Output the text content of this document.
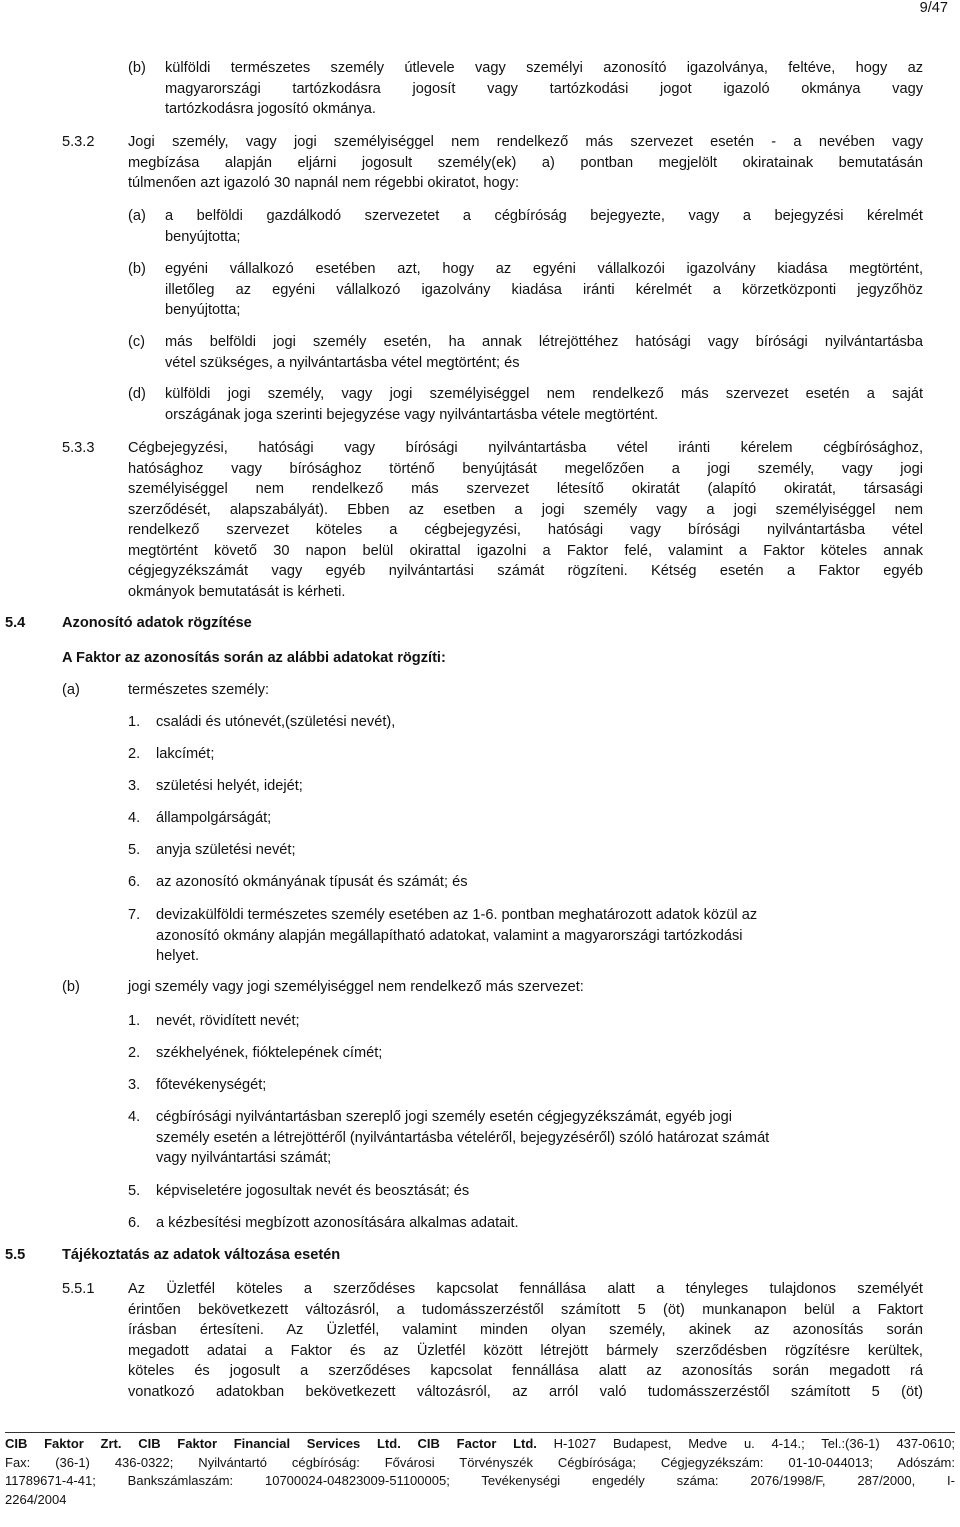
9/47
(b) külföldi természetes személy útlevele vagy személyi azonosító igazolványa, feltéve, hogy az
magyarországi tartózkodásra jogosít vagy tartózkodási jogot igazoló okmánya vagy
tartózkodásra jogosító okmánya.
5.3.2 Jogi személy, vagy jogi személyiséggel nem rendelkező más szervezet esetén - a nevében vagy
megbízása alapján eljárni jogosult személy(ek) a) pontban megjelölt okiratainak bemutatásán
túlmenően azt igazoló 30 napnál nem régebbi okiratot, hogy:
(a) a belföldi gazdálkodó szervezetet a cégbíróság bejegyezte, vagy a bejegyzési kérelmét
benyújtotta;
(b) egyéni vállalkozó esetében azt, hogy az egyéni vállalkozói igazolvány kiadása megtörtént,
illetőleg az egyéni vállalkozó igazolvány kiadása iránti kérelmét a körzetközponti jegyzőhöz
benyújtotta;
(c) más belföldi jogi személy esetén, ha annak létrejöttéhez hatósági vagy bírósági nyilvántartásba
vétel szükséges, a nyilvántartásba vétel megtörtént; és
(d) külföldi jogi személy, vagy jogi személyiséggel nem rendelkező más szervezet esetén a saját
országának joga szerinti bejegyzése vagy nyilvántartásba vétele megtörtént.
5.3.3 Cégbejegyzési, hatósági vagy bírósági nyilvántartásba vétel iránti kérelem cégbírósághoz,
hatósághoz vagy bírósághoz történő benyújtását megelőzően a jogi személy, vagy jogi
személyiséggel nem rendelkező más szervezet létesítő okiratát (alapító okiratát, társasági
szerződését, alapszabályát). Ebben az esetben a jogi személy vagy a jogi személyiséggel nem
rendelkező szervezet köteles a cégbejegyzési, hatósági vagy bírósági nyilvántartásba vétel
megtörtént követő 30 napon belül okirattal igazolni a Faktor felé, valamint a Faktor köteles annak
cégjegyzékszámát vagy egyéb nyilvántartási számát rögzíteni. Kétség esetén a Faktor egyéb
okmányok bemutatását is kérheti.
5.4	Azonosító adatok rögzítése
A Faktor az azonosítás során az alábbi adatokat rögzíti:
(a)	természetes személy:
1. családi és utónevét,(születési nevét),
2. lakcímét;
3. születési helyét, idejét;
4. állampolgárságát;
5. anyja születési nevét;
6. az azonosító okmányának típusát és számát; és
7. devizakülföldi természetes személy esetében az 1-6. pontban meghatározott adatok közül az
azonosító okmány alapján megállapítható adatokat, valamint a magyarországi tartózkodási
helyet.
(b)	jogi személy vagy jogi személyiséggel nem rendelkező más szervezet:
1. nevét, rövidített nevét;
2. székhelyének, fióktelepének címét;
3. főtevékenységét;
4. cégbírósági nyilvántartásban szereplő jogi személy esetén cégjegyzékszámát, egyéb jogi
személy esetén a létrejöttéről (nyilvántartásba vételéről, bejegyzéséről) szóló határozat számát
vagy nyilvántartási számát;
5. képviseletére jogosultak nevét és beosztását; és
6. a kézbesítési megbízott azonosítására alkalmas adatait.
5.5	Tájékoztatás az adatok változása esetén
5.5.1 Az Üzletfél köteles a szerződéses kapcsolat fennállása alatt a tényleges tulajdonos személyét
érintően bekövetkezett változásról, a tudomásszerzéstől számított 5 (öt) munkanapon belül a Faktort
írásban értesíteni. Az Üzletfél, valamint minden olyan személy, akinek az azonosítás során
megadott adatai a Faktor és az Üzletfél között létrejött bármely szerződésben rögzítésre kerültek,
köteles és jogosult a szerződéses kapcsolat fennállása alatt az azonosítás során megadott rá
vonatkozó adatokban bekövetkezett változásról, az arról való tudomásszerzéstől számított 5 (öt)
CIB Faktor Zrt. CIB Faktor Financial Services Ltd. CIB Factor Ltd. H-1027 Budapest, Medve u. 4-14.; Tel.:(36-1) 437-0610;
Fax: (36-1) 436-0322; Nyilvántartó cégbíróság: Fővárosi Törvényszék Cégbírósága; Cégjegyzékszám: 01-10-044013; Adószám:
11789671-4-41; Bankszámlaszám: 10700024-04823009-51100005; Tevékenységi engedély száma: 2076/1998/F, 287/2000, I-
2264/2004
